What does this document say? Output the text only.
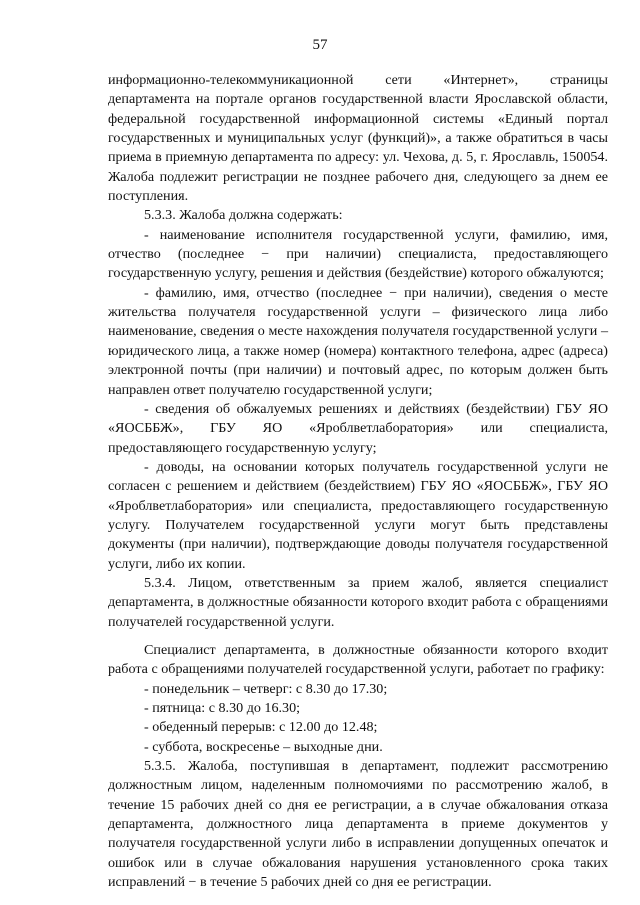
57

информационно-телекоммуникационной сети «Интернет», страницы департамента на портале органов государственной власти Ярославской области, федеральной государственной информационной системы «Единый портал государственных и муниципальных услуг (функций)», а также обратиться в часы приема в приемную департамента по адресу: ул. Чехова, д. 5, г. Ярославль, 150054. Жалоба подлежит регистрации не позднее рабочего дня, следующего за днем ее поступления.

5.3.3. Жалоба должна содержать:

- наименование исполнителя государственной услуги, фамилию, имя, отчество (последнее − при наличии) специалиста, предоставляющего государственную услугу, решения и действия (бездействие) которого обжалуются;

- фамилию, имя, отчество (последнее − при наличии), сведения о месте жительства получателя государственной услуги – физического лица либо наименование, сведения о месте нахождения получателя государственной услуги – юридического лица, а также номер (номера) контактного телефона, адрес (адреса) электронной почты (при наличии) и почтовый адрес, по которым должен быть направлен ответ получателю государственной услуги;

- сведения об обжалуемых решениях и действиях (бездействии) ГБУ ЯО «ЯОСББЖ», ГБУ ЯО «Яроблветлаборатория» или специалиста, предоставляющего государственную услугу;

- доводы, на основании которых получатель государственной услуги не согласен с решением и действием (бездействием) ГБУ ЯО «ЯОСББЖ», ГБУ ЯО «Яроблветлаборатория» или специалиста, предоставляющего государственную услугу. Получателем государственной услуги могут быть представлены документы (при наличии), подтверждающие доводы получателя государственной услуги, либо их копии.

5.3.4. Лицом, ответственным за прием жалоб, является специалист департамента, в должностные обязанности которого входит работа с обращениями получателей государственной услуги.

Специалист департамента, в должностные обязанности которого входит работа с обращениями получателей государственной услуги, работает по графику:

- понедельник – четверг: с 8.30 до 17.30;

- пятница: с 8.30 до 16.30;

- обеденный перерыв: с 12.00 до 12.48;

- суббота, воскресенье – выходные дни.

5.3.5. Жалоба, поступившая в департамент, подлежит рассмотрению должностным лицом, наделенным полномочиями по рассмотрению жалоб, в течение 15 рабочих дней со дня ее регистрации, а в случае обжалования отказа департамента, должностного лица департамента в приеме документов у получателя государственной услуги либо в исправлении допущенных опечаток и ошибок или в случае обжалования нарушения установленного срока таких исправлений − в течение 5 рабочих дней со дня ее регистрации.
